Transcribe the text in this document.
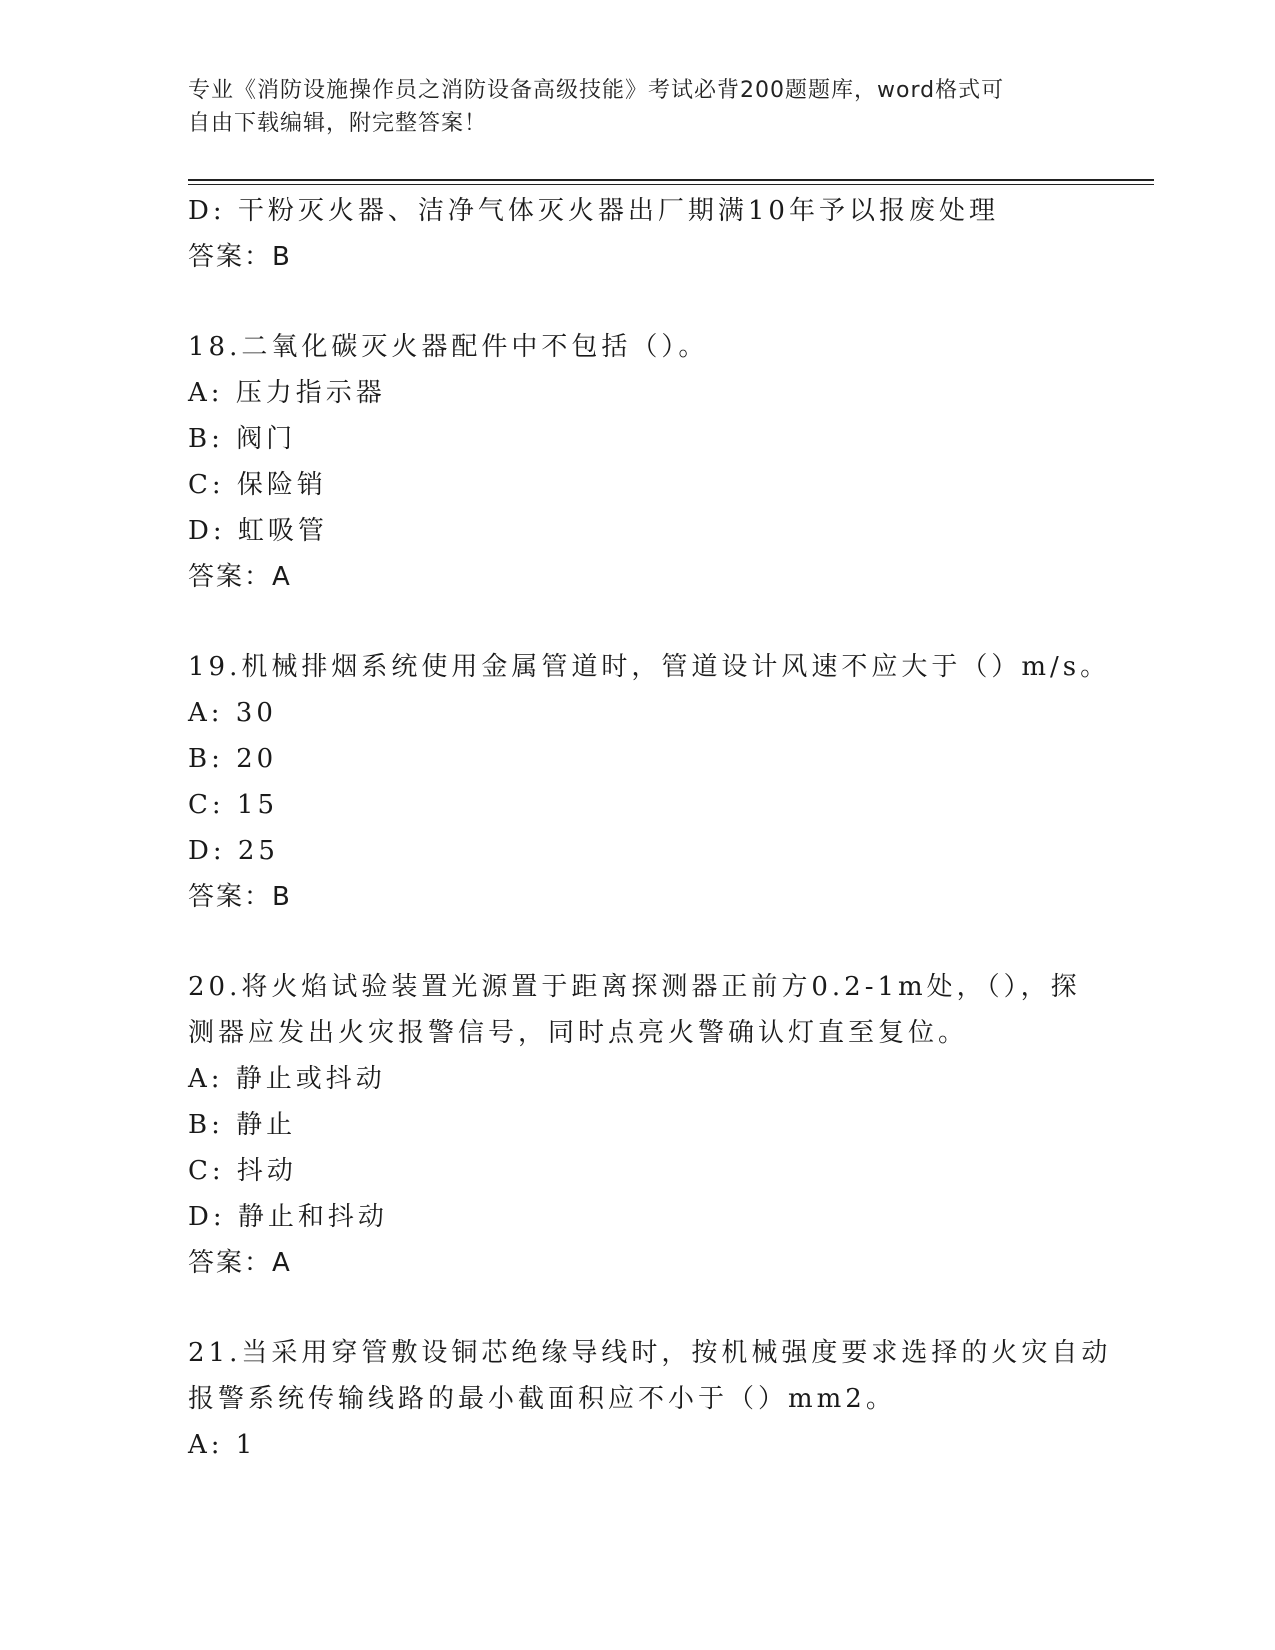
专业《消防设施操作员之消防设备高级技能》考试必背200题题库，word格式可
自由下载编辑，附完整答案！
D: 干粉灭火器、洁净气体灭火器出厂期满10年予以报废处理
答案：B
18.二氧化碳灭火器配件中不包括（）。
A: 压力指示器
B: 阀门
C: 保险销
D: 虹吸管
答案：A
19.机械排烟系统使用金属管道时，管道设计风速不应大于（）m/s。
A: 30
B: 20
C: 15
D: 25
答案：B
20.将火焰试验装置光源置于距离探测器正前方0.2-1m处，（），探
测器应发出火灾报警信号，同时点亮火警确认灯直至复位。
A: 静止或抖动
B: 静止
C: 抖动
D: 静止和抖动
答案：A
21.当采用穿管敷设铜芯绝缘导线时，按机械强度要求选择的火灾自动
报警系统传输线路的最小截面积应不小于（）mm2。
A: 1
